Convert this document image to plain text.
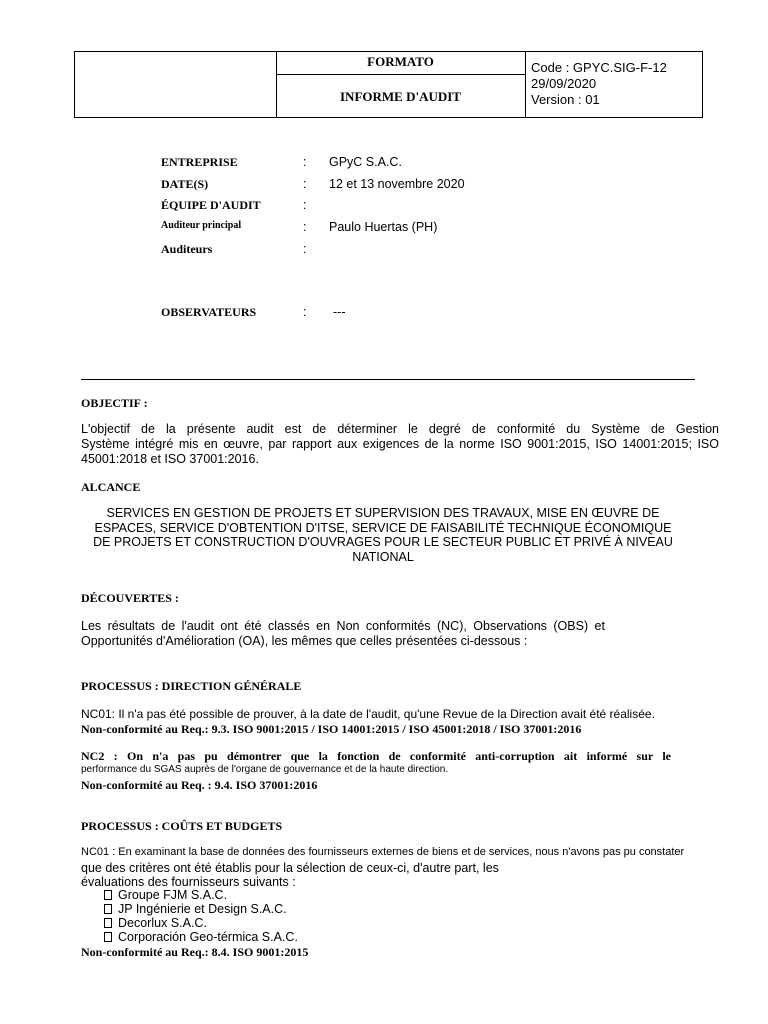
FORMATO
INFORME D'AUDIT
Code : GPYC.SIG-F-12
29/09/2020
Version : 01
ENTREPRISE	: GPyC S.A.C.
DATE(S)	: 12 et 13 novembre 2020
ÉQUIPE D'AUDIT	:
Auditeur principal	: Paulo Huertas (PH)
Auditeurs	:
OBSERVATEURS	: ---
OBJECTIF :
L'objectif de la présente audit est de déterminer le degré de conformité du Système de Gestion
Système intégré mis en œuvre, par rapport aux exigences de la norme ISO 9001:2015, ISO 14001:2015; ISO
45001:2018 et ISO 37001:2016.
ALCANCE
SERVICES EN GESTION DE PROJETS ET SUPERVISION DES TRAVAUX, MISE EN ŒUVRE DE
ESPACES, SERVICE D'OBTENTION D'ITSE, SERVICE DE FAISABILITÉ TECHNIQUE ÉCONOMIQUE
DE PROJETS ET CONSTRUCTION D'OUVRAGES POUR LE SECTEUR PUBLIC ET PRIVÉ À NIVEAU
NATIONAL
DÉCOUVERTES :
Les résultats de l'audit ont été classés en Non conformités (NC), Observations (OBS) et
Opportunités d'Amélioration (OA), les mêmes que celles présentées ci-dessous :
PROCESSUS : DIRECTION GÉNÉRALE
NC01: Il n'a pas été possible de prouver, à la date de l'audit, qu'une Revue de la Direction avait été réalisée.
Non-conformité au Req.: 9.3. ISO 9001:2015 / ISO 14001:2015 / ISO 45001:2018 / ISO 37001:2016
NC2 : On n'a pas pu démontrer que la fonction de conformité anti-corruption ait informé sur le
performance du SGAS auprès de l'organe de gouvernance et de la haute direction.
Non-conformité au Req. : 9.4. ISO 37001:2016
PROCESSUS : COÛTS ET BUDGETS
NC01 : En examinant la base de données des fournisseurs externes de biens et de services, nous n'avons pas pu constater
que des critères ont été établis pour la sélection de ceux-ci, d'autre part, les
évaluations des fournisseurs suivants :
Groupe FJM S.A.C.
JP Ingénierie et Design S.A.C.
Decorlux S.A.C.
Corporación Geo-térmica S.A.C.
Non-conformité au Req.: 8.4. ISO 9001:2015
